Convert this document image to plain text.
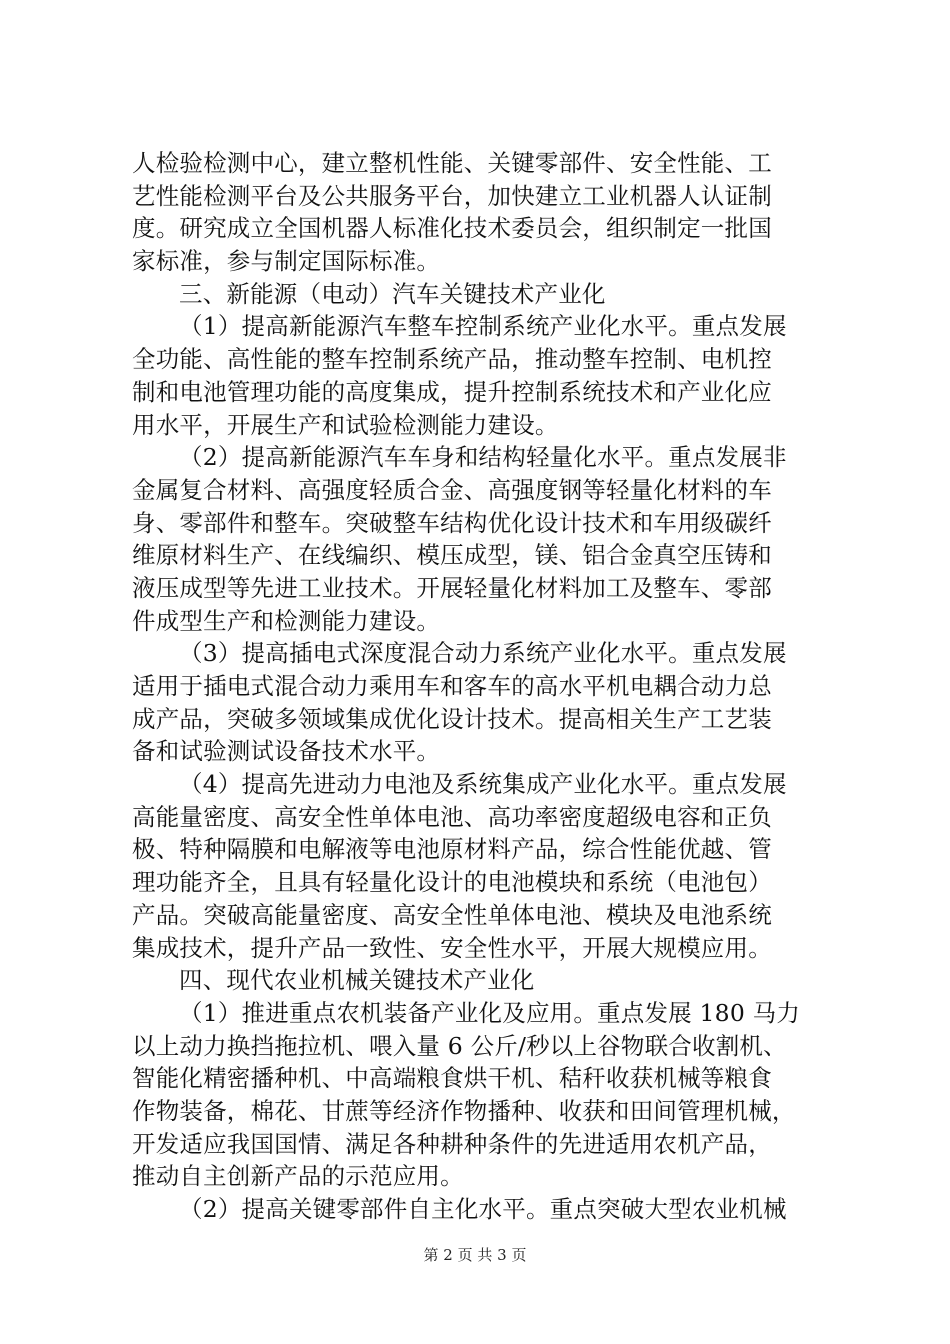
人检验检测中心，建立整机性能、关键零部件、安全性能、工
艺性能检测平台及公共服务平台，加快建立工业机器人认证制
度。研究成立全国机器人标准化技术委员会，组织制定一批国
家标准，参与制定国际标准。
三、新能源（电动）汽车关键技术产业化
（1）提高新能源汽车整车控制系统产业化水平。重点发展
全功能、高性能的整车控制系统产品，推动整车控制、电机控
制和电池管理功能的高度集成，提升控制系统技术和产业化应
用水平，开展生产和试验检测能力建设。
（2）提高新能源汽车车身和结构轻量化水平。重点发展非
金属复合材料、高强度轻质合金、高强度钢等轻量化材料的车
身、零部件和整车。突破整车结构优化设计技术和车用级碳纤
维原材料生产、在线编织、模压成型，镁、铝合金真空压铸和
液压成型等先进工业技术。开展轻量化材料加工及整车、零部
件成型生产和检测能力建设。
（3）提高插电式深度混合动力系统产业化水平。重点发展
适用于插电式混合动力乘用车和客车的高水平机电耦合动力总
成产品，突破多领域集成优化设计技术。提高相关生产工艺装
备和试验测试设备技术水平。
（4）提高先进动力电池及系统集成产业化水平。重点发展
高能量密度、高安全性单体电池、高功率密度超级电容和正负
极、特种隔膜和电解液等电池原材料产品，综合性能优越、管
理功能齐全，且具有轻量化设计的电池模块和系统（电池包）
产品。突破高能量密度、高安全性单体电池、模块及电池系统
集成技术，提升产品一致性、安全性水平，开展大规模应用。
四、现代农业机械关键技术产业化
（1）推进重点农机装备产业化及应用。重点发展 180 马力
以上动力换挡拖拉机、喂入量 6 公斤/秒以上谷物联合收割机、
智能化精密播种机、中高端粮食烘干机、秸秆收获机械等粮食
作物装备，棉花、甘蔗等经济作物播种、收获和田间管理机械，
开发适应我国国情、满足各种耕种条件的先进适用农机产品，
推动自主创新产品的示范应用。
（2）提高关键零部件自主化水平。重点突破大型农业机械
第 2 页 共 3 页
